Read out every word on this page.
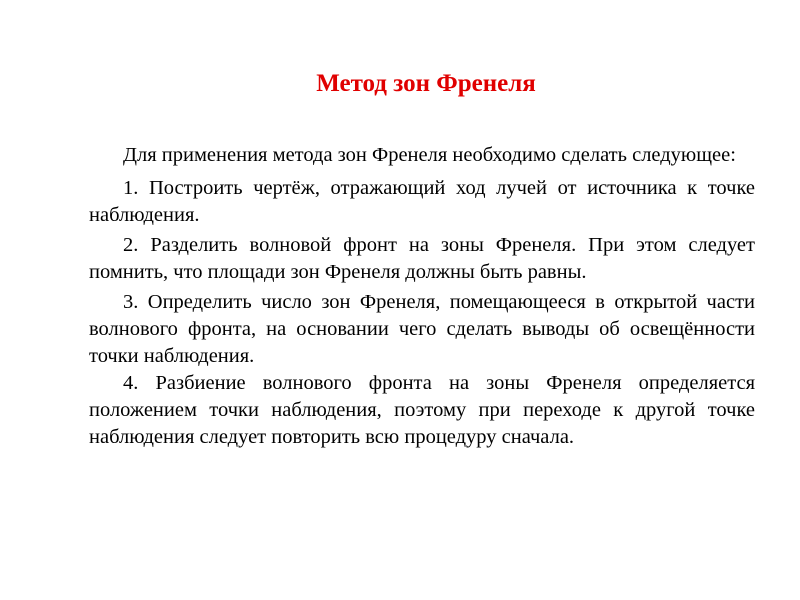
Метод зон Френеля

Для применения метода зон Френеля необходимо сделать следующее:

1. Построить чертёж, отражающий ход лучей от источника к точке наблюдения.

2. Разделить волновой фронт на зоны Френеля. При этом следует помнить, что площади зон Френеля должны быть равны.

3. Определить число зон Френеля, помещающееся в открытой части волнового фронта, на основании чего сделать выводы об освещённости точки наблюдения.

4. Разбиение волнового фронта на зоны Френеля определяется положением точки наблюдения, поэтому при переходе к другой точке наблюдения следует повторить всю процедуру сначала.
